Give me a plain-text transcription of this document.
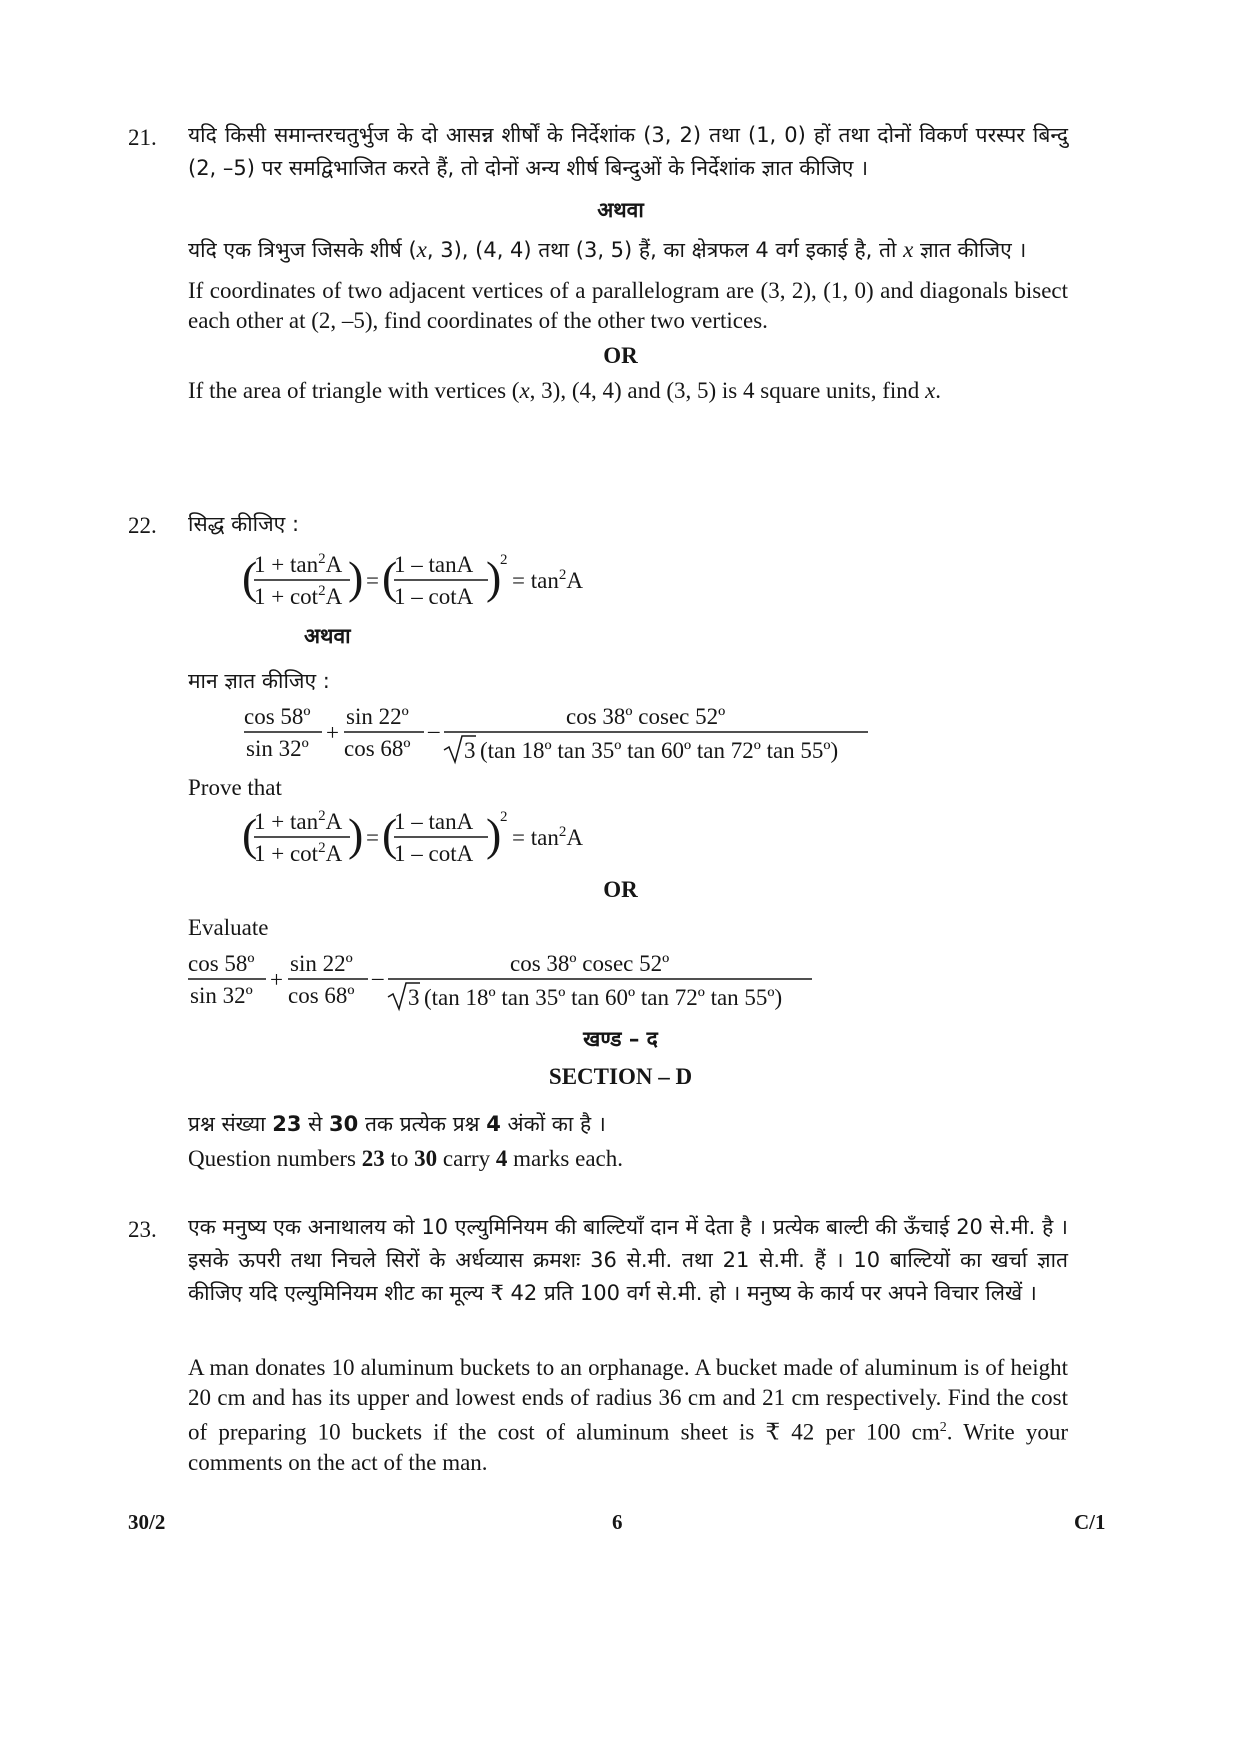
21. यदि किसी समान्तरचतुर्भुज के दो आसन्न शीर्षों के निर्देशांक (3, 2) तथा (1, 0) हों तथा दोनों विकर्ण परस्पर बिन्दु (2, –5) पर समद्विभाजित करते हैं, तो दोनों अन्य शीर्ष बिन्दुओं के निर्देशांक ज्ञात कीजिए ।
अथवा
यदि एक त्रिभुज जिसके शीर्ष (x, 3), (4, 4) तथा (3, 5) हैं, का क्षेत्रफल 4 वर्ग इकाई है, तो x ज्ञात कीजिए ।
If coordinates of two adjacent vertices of a parallelogram are (3, 2), (1, 0) and diagonals bisect each other at (2, –5), find coordinates of the other two vertices.
OR
If the area of triangle with vertices (x, 3), (4, 4) and (3, 5) is 4 square units, find x.
22. सिद्ध कीजिए :
(
$1 + \tan^2A$
$1 + \cot^2A$ ) = (
1 – tanA
1 – cotA )
2
= $\tan^2A$
अथवा
मान ज्ञात कीजिए :
cos 58º
sin 32º
+
sin 22º
cos 68º
–
cos 38º cosec 52º
3 (tan 18º tan 35º tan 60º tan 72º tan 55º)
Prove that
(
$1 + \tan^2A$
$1 + \cot^2A$ ) = (
1 – tanA
1 – cotA )
2
= $\tan^2A$
OR
Evaluate
cos 58º
sin 32º
+
sin 22º
cos 68º
–
cos 38º cosec 52º
3 (tan 18º tan 35º tan 60º tan 72º tan 55º)
खण्ड – द
SECTION – D
प्रश्न संख्या 23 से 30 तक प्रत्येक प्रश्न 4 अंकों का है ।
Question numbers 23 to 30 carry 4 marks each.
23. एक मनुष्य एक अनाथालय को 10 एल्युमिनियम की बाल्टियाँ दान में देता है । प्रत्येक बाल्टी की ऊँचाई 20 से.मी. है । इसके ऊपरी तथा निचले सिरों के अर्धव्यास क्रमशः 36 से.मी. तथा 21 से.मी. हैं । 10 बाल्टियों का खर्चा ज्ञात कीजिए यदि एल्युमिनियम शीट का मूल्य ₹ 42 प्रति 100 वर्ग से.मी. हो । मनुष्य के कार्य पर अपने विचार लिखें ।
A man donates 10 aluminum buckets to an orphanage. A bucket made of aluminum is of height 20 cm and has its upper and lowest ends of radius 36 cm and 21 cm respectively. Find the cost of preparing 10 buckets if the cost of aluminum sheet is ₹ 42 per 100 $cm^2$. Write your comments on the act of the man.
30/2	6	C/1
